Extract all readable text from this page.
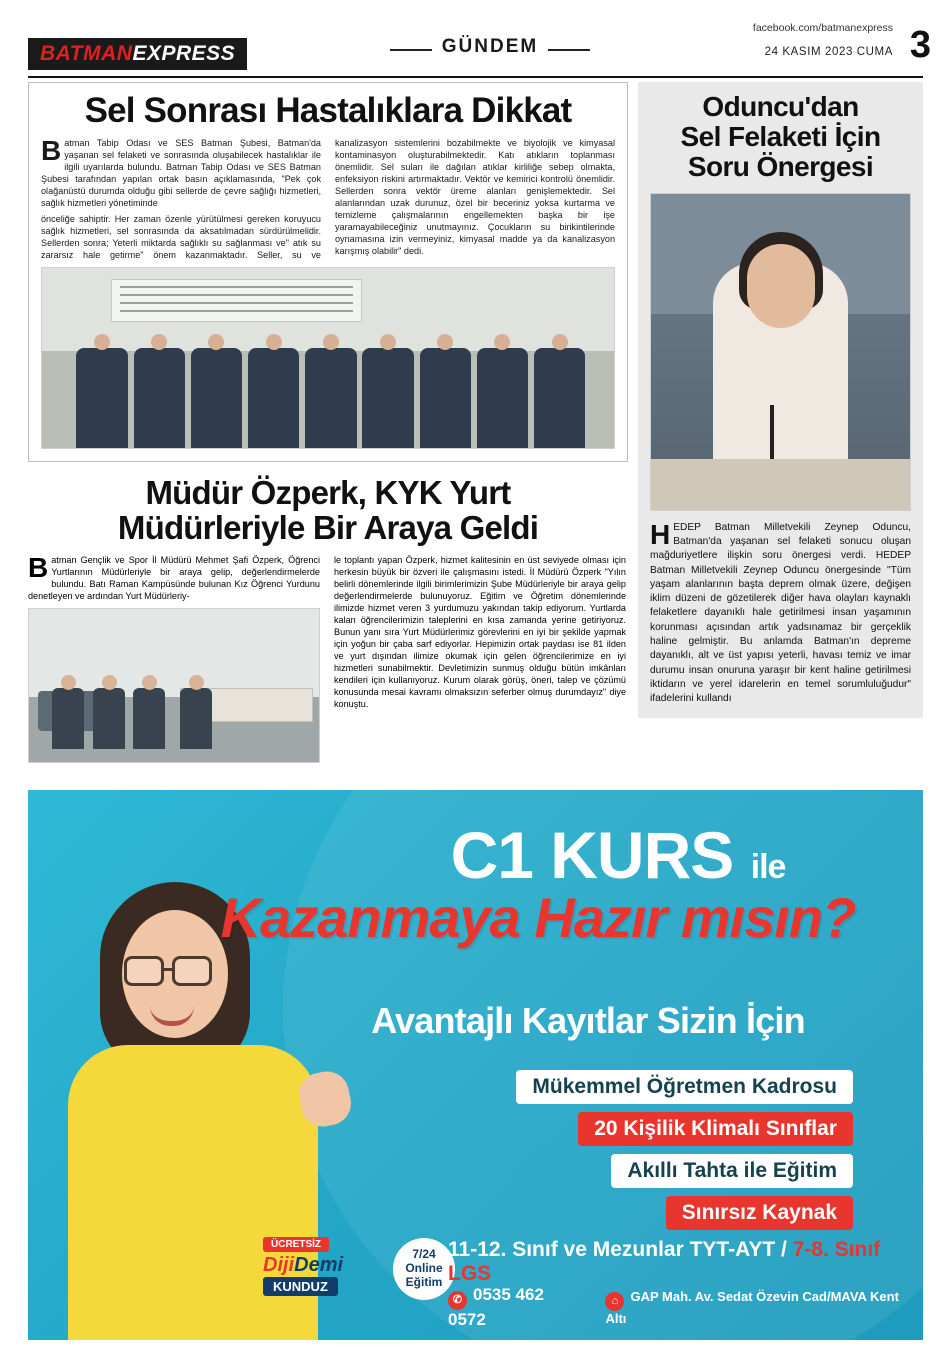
BATMANEXPRESS	GÜNDEM
facebook.com/batmanexpress
24 KASIM 2023 CUMA 3
Sel Sonrası Hastalıklara Dikkat

Batman Tabip Odası ve SES Batman Şubesi, Batman'da yaşanan sel felaketi ve sonrasında oluşabilecek hastalıklar ile ilgili uyarılarda bulundu. Batman Tabip Odası ve SES Batman Şubesi tarafından yapılan ortak basın açıklamasında, "Pek çok olağanüstü durumda olduğu gibi sellerde de çevre sağlığı hizmetleri, sağlık hizmetleri yönetiminde

önceliğe sahiptir. Her zaman özenle yürütülmesi gereken koruyucu sağlık hizmetleri, sel sonrasında da aksatılmadan sürdürülmelidir. Sellerden sonra; Yeterli miktarda sağlıklı su sağlanması ve" atık su zararsız hale getirme" önem kazanmaktadır. Seller, su ve kanalizasyon sistemlerini bozabilmekte ve biyolojik ve kimyasal kontaminasyon oluşturabilmektedir. Katı atıkların toplanması önemlidir. Sel suları ile dağılan atıklar kirliliğe sebep olmakta, enfeksiyon riskini artırmaktadır. Vektör ve kemirici kontrolü önemlidir. Sellerden sonra vektör üreme alanları genişlemektedir. Sel alanlarından uzak durunuz, özel bir beceriniz yoksa kurtarma ve temizleme çalışmalarının engellemekten başka bir işe yaramayabileceğiniz unutmayınız. Çocukların su birikintilerinde oynamasına izin vermeyiniz, kimyasal madde ya da kanalizasyon karışmış olabilir" dedi.

Müdür Özperk, KYK Yurt
Müdürleriyle Bir Araya Geldi

Batman Gençlik ve Spor İl Müdürü Mehmet Şafi Özperk, Öğrenci Yurtlarının Müdürleriyle bir araya gelip, değerlendirmelerde bulundu. Batı Raman Kampüsünde bulunan Kız Öğrenci Yurdunu denetleyen ve ardından Yurt Müdürleriy-

le toplantı yapan Özperk, hizmet kalitesinin en üst seviyede olması için herkesin büyük bir özveri ile çalışmasını istedi. İl Müdürü Özperk "Yılın belirli dönemlerinde ilgili birimlerimizin Şube Müdürleriyle bir araya gelip değerlendirmelerde bulunuyoruz. Eğitim ve Öğretim dönemlerinde ilimizde hizmet veren 3 yurdumuzu yakından takip ediyorum. Yurtlarda kalan öğrencilerimizin taleplerini en kısa zamanda yerine getiriyoruz. Bunun yanı sıra Yurt Müdürlerimiz görevlerini en iyi bir şekilde yapmak için yoğun bir çaba sarf ediyorlar. Hepimizin ortak paydası ise 81 ilden ve yurt dışından ilimize okumak için gelen öğrencilerimize en iyi hizmetleri sunabilmektir. Devletimizin sunmuş olduğu bütün imkânları kendileri için kullanıyoruz. Kurum olarak görüş, öneri, talep ve çözümü konusunda mesai kavramı olmaksızın seferber olmuş durumdayız" diye konuştu.

Oduncu'dan
Sel Felaketi İçin
Soru Önergesi

HEDEP Batman Milletvekili Zeynep Oduncu, Batman'da yaşanan sel felaketi sonucu oluşan mağduriyetlere ilişkin soru önergesi verdi. HEDEP Batman Milletvekili Zeynep Oduncu önergesinde "Tüm yaşam alanlarının başta deprem olmak üzere, değişen iklim düzeni de gözetilerek diğer hava olayları kaynaklı felaketlere dayanıklı hale getirilmesi insan yaşamının korunması açısından artık yadsınamaz bir gerçeklik haline gelmiştir. Bu anlamda Batman'ın depreme dayanıklı, alt ve üst yapısı yeterli, havası temiz ve imar durumu insan onuruna yaraşır bir kent haline getirilmesi iktidarın ve yerel idarelerin en temel sorumluluğudur" ifadelerini kullandı

C1 KURS ile
Kazanmaya Hazır mısın?
Avantajlı Kayıtlar Sizin İçin
Mükemmel Öğretmen Kadrosu
20 Kişilik Klimalı Sınıflar
Akıllı Tahta ile Eğitim
Sınırsız Kaynak
ÜCRETSİZ
DijiDemi
KUNDUZ
7/24
Online
Eğitim
11-12. Sınıf ve Mezunlar TYT-AYT / 7-8. Sınıf LGS
✆ 0535 462 0572
⌂ GAP Mah. Av. Sedat Özevin Cad/MAVA Kent Altı
